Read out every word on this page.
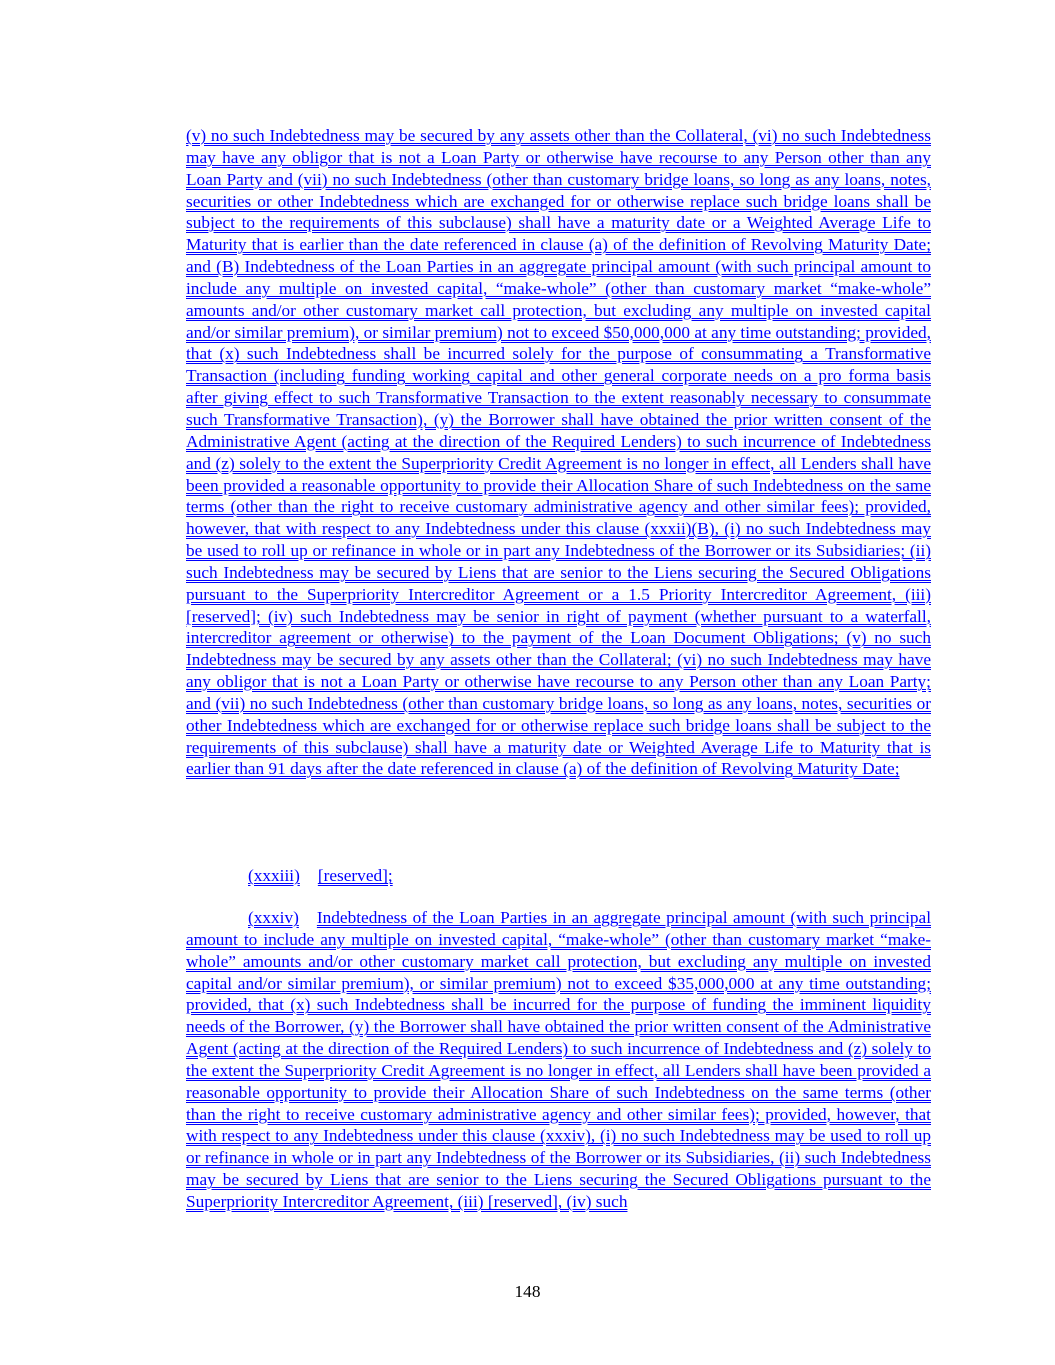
(v) no such Indebtedness may be secured by any assets other than the Collateral, (vi) no such Indebtedness may have any obligor that is not a Loan Party or otherwise have recourse to any Person other than any Loan Party and (vii) no such Indebtedness (other than customary bridge loans, so long as any loans, notes, securities or other Indebtedness which are exchanged for or otherwise replace such bridge loans shall be subject to the requirements of this subclause) shall have a maturity date or a Weighted Average Life to Maturity that is earlier than the date referenced in clause (a) of the definition of Revolving Maturity Date; and (B) Indebtedness of the Loan Parties in an aggregate principal amount (with such principal amount to include any multiple on invested capital, “make-whole” (other than customary market “make-whole” amounts and/or other customary market call protection, but excluding any multiple on invested capital and/or similar premium), or similar premium) not to exceed $50,000,000 at any time outstanding; provided, that (x) such Indebtedness shall be incurred solely for the purpose of consummating a Transformative Transaction (including funding working capital and other general corporate needs on a pro forma basis after giving effect to such Transformative Transaction to the extent reasonably necessary to consummate such Transformative Transaction), (y) the Borrower shall have obtained the prior written consent of the Administrative Agent (acting at the direction of the Required Lenders) to such incurrence of Indebtedness and (z) solely to the extent the Superpriority Credit Agreement is no longer in effect, all Lenders shall have been provided a reasonable opportunity to provide their Allocation Share of such Indebtedness on the same terms (other than the right to receive customary administrative agency and other similar fees); provided, however, that with respect to any Indebtedness under this clause (xxxii)(B), (i) no such Indebtedness may be used to roll up or refinance in whole or in part any Indebtedness of the Borrower or its Subsidiaries; (ii) such Indebtedness may be secured by Liens that are senior to the Liens securing the Secured Obligations pursuant to the Superpriority Intercreditor Agreement or a 1.5 Priority Intercreditor Agreement, (iii) [reserved]; (iv) such Indebtedness may be senior in right of payment (whether pursuant to a waterfall, intercreditor agreement or otherwise) to the payment of the Loan Document Obligations; (v) no such Indebtedness may be secured by any assets other than the Collateral; (vi) no such Indebtedness may have any obligor that is not a Loan Party or otherwise have recourse to any Person other than any Loan Party; and (vii) no such Indebtedness (other than customary bridge loans, so long as any loans, notes, securities or other Indebtedness which are exchanged for or otherwise replace such bridge loans shall be subject to the requirements of this subclause) shall have a maturity date or Weighted Average Life to Maturity that is earlier than 91 days after the date referenced in clause (a) of the definition of Revolving Maturity Date;

(xxxiii) [reserved];

(xxxiv) Indebtedness of the Loan Parties in an aggregate principal amount (with such principal amount to include any multiple on invested capital, “make-whole” (other than customary market “make-whole” amounts and/or other customary market call protection, but excluding any multiple on invested capital and/or similar premium), or similar premium) not to exceed $35,000,000 at any time outstanding; provided, that (x) such Indebtedness shall be incurred for the purpose of funding the imminent liquidity needs of the Borrower, (y) the Borrower shall have obtained the prior written consent of the Administrative Agent (acting at the direction of the Required Lenders) to such incurrence of Indebtedness and (z) solely to the extent the Superpriority Credit Agreement is no longer in effect, all Lenders shall have been provided a reasonable opportunity to provide their Allocation Share of such Indebtedness on the same terms (other than the right to receive customary administrative agency and other similar fees); provided, however, that with respect to any Indebtedness under this clause (xxxiv), (i) no such Indebtedness may be used to roll up or refinance in whole or in part any Indebtedness of the Borrower or its Subsidiaries, (ii) such Indebtedness may be secured by Liens that are senior to the Liens securing the Secured Obligations pursuant to the Superpriority Intercreditor Agreement, (iii) [reserved], (iv) such

148
